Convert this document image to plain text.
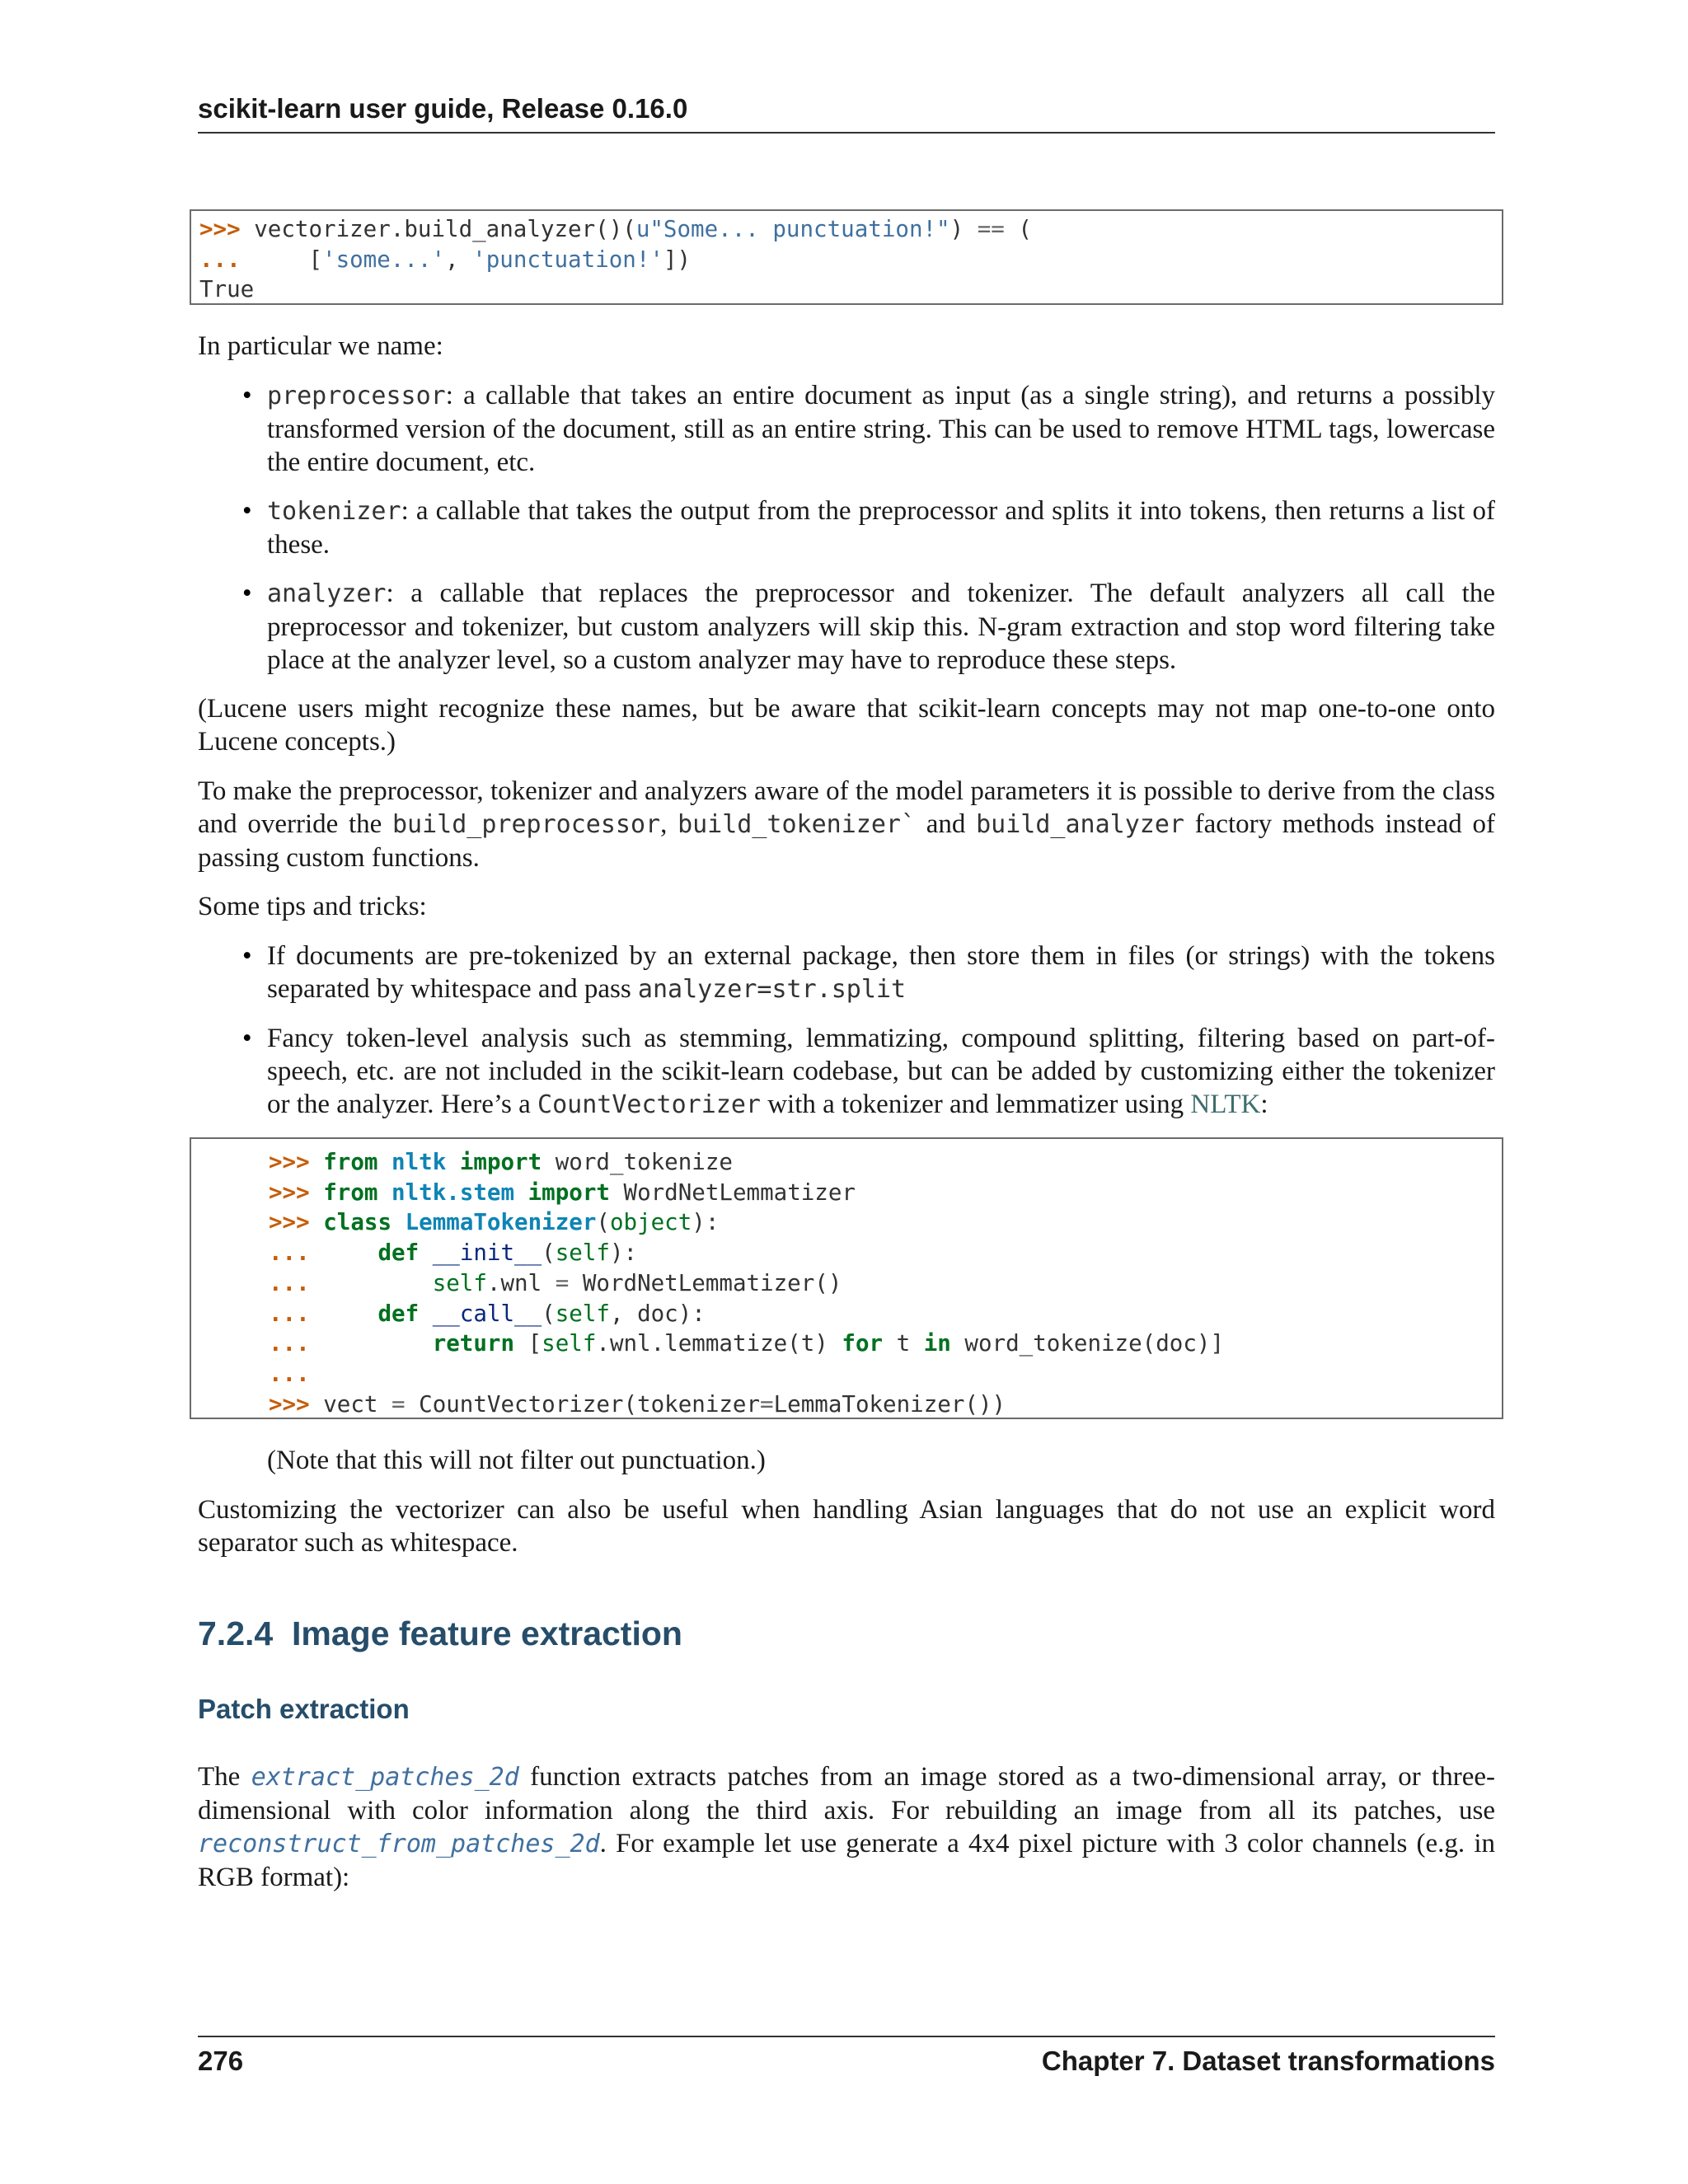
scikit-learn user guide, Release 0.16.0
>>> vectorizer.build_analyzer()(u"Some... punctuation!") == (
...     ['some...', 'punctuation!'])
True
In particular we name:
• preprocessor: a callable that takes an entire document as input (as a single string), and returns a possibly transformed version of the document, still as an entire string. This can be used to remove HTML tags, lowercase the entire document, etc.
• tokenizer: a callable that takes the output from the preprocessor and splits it into tokens, then returns a list of these.
• analyzer: a callable that replaces the preprocessor and tokenizer. The default analyzers all call the preprocessor and tokenizer, but custom analyzers will skip this. N-gram extraction and stop word filtering take place at the analyzer level, so a custom analyzer may have to reproduce these steps.
(Lucene users might recognize these names, but be aware that scikit-learn concepts may not map one-to-one onto Lucene concepts.)
To make the preprocessor, tokenizer and analyzers aware of the model parameters it is possible to derive from the class and override the build_preprocessor, build_tokenizer` and build_analyzer factory methods instead of passing custom functions.
Some tips and tricks:
• If documents are pre-tokenized by an external package, then store them in files (or strings) with the tokens separated by whitespace and pass analyzer=str.split
• Fancy token-level analysis such as stemming, lemmatizing, compound splitting, filtering based on part-of-speech, etc. are not included in the scikit-learn codebase, but can be added by customizing either the tokenizer or the analyzer. Here’s a CountVectorizer with a tokenizer and lemmatizer using NLTK:
>>> from nltk import word_tokenize
>>> from nltk.stem import WordNetLemmatizer
>>> class LemmaTokenizer(object):
...	def __init__(self):
...	self.wnl = WordNetLemmatizer()
...	def __call__(self, doc):
...	return [self.wnl.lemmatize(t) for t in word_tokenize(doc)]
...
>>> vect = CountVectorizer(tokenizer=LemmaTokenizer())
(Note that this will not filter out punctuation.)
Customizing the vectorizer can also be useful when handling Asian languages that do not use an explicit word separator such as whitespace.
7.2.4 Image feature extraction
Patch extraction
The extract_patches_2d function extracts patches from an image stored as a two-dimensional array, or three-dimensional with color information along the third axis. For rebuilding an image from all its patches, use reconstruct_from_patches_2d. For example let use generate a 4x4 pixel picture with 3 color channels (e.g. in RGB format):
276	Chapter 7. Dataset transformations
